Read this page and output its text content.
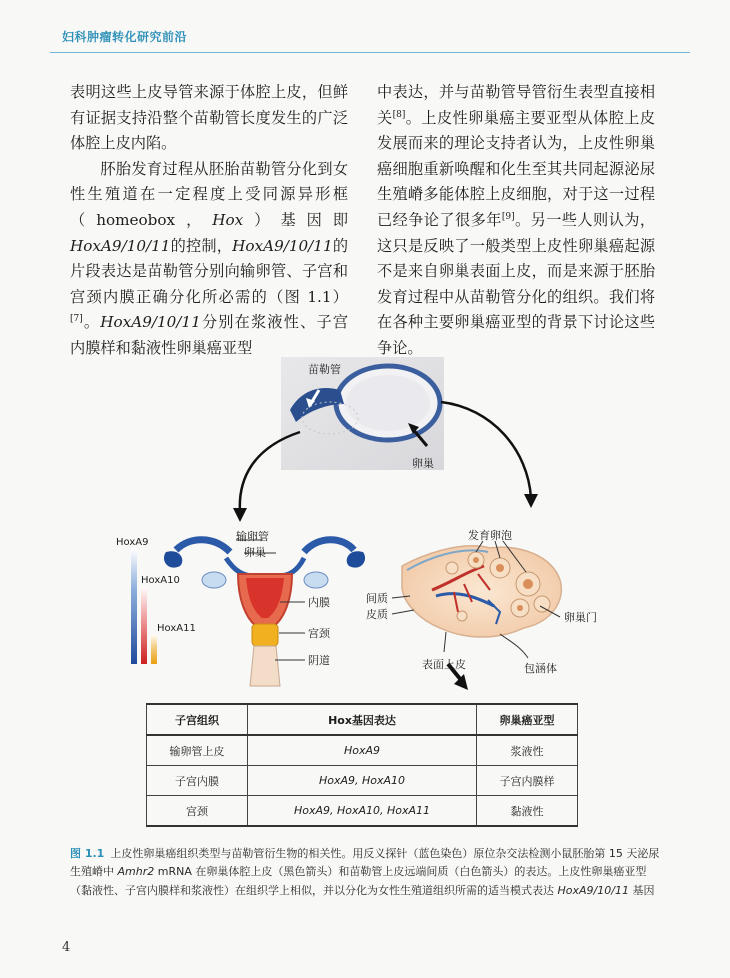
妇科肿瘤转化研究前沿

表明这些上皮导管来源于体腔上皮，但鲜有证据支持沿整个苗勒管长度发生的广泛体腔上皮内陷。

肧胎发育过程从胚胎苗勒管分化到女性生殖道在一定程度上受同源异形框（homeobox，Hox）基因即HoxA9/10/11的控制，HoxA9/10/11的片段表达是苗勒管分别向输卵管、子宫和宫颈内膜正确分化所必需的（图 1.1）[7]。HoxA9/10/11分别在浆液性、子宫内膜样和黏液性卵巢癌亚型

中表达，并与苗勒管导管衍生表型直接相关[8]。上皮性卵巢癌主要亚型从体腔上皮发展而来的理论支持者认为，上皮性卵巢癌细胞重新唤醒和化生至其共同起源泌尿生殖嵴多能体腔上皮细胞，对于这一过程已经争论了很多年[9]。另一些人则认为，这只是反映了一般类型上皮性卵巢癌起源不是来自卵巢表面上皮，而是来源于胚胎发育过程中从苗勒管分化的组织。我们将在各种主要卵巢癌亚型的背景下讨论这些争论。

苗勒管
卵巢
HoxA9
HoxA10
HoxA11
输卵管
卵巢
内膜
宫颈
阴道
发育卵泡
间质
皮质	卵巢门
表面上皮	包涵体
子宫组织	Hox基因表达	卵巢癌亚型
输卵管上皮	HoxA9	浆液性
子宫内膜	HoxA9, HoxA10	子宫内膜样
宫颈	HoxA9, HoxA10, HoxA11	黏液性
图 1.1 上皮性卵巢癌组织类型与苗勒管衍生物的相关性。用反义探针（蓝色染色）原位杂交法检测小鼠胚胎第 15 天泌尿生殖嵴中 Amhr2 mRNA 在卵巢体腔上皮（黑色箭头）和苗勒管上皮远端间质（白色箭头）的表达。上皮性卵巢癌亚型（黏液性、子宫内膜样和浆液性）在组织学上相似，并以分化为女性生殖道组织所需的适当模式表达 HoxA9/10/11 基因
4
